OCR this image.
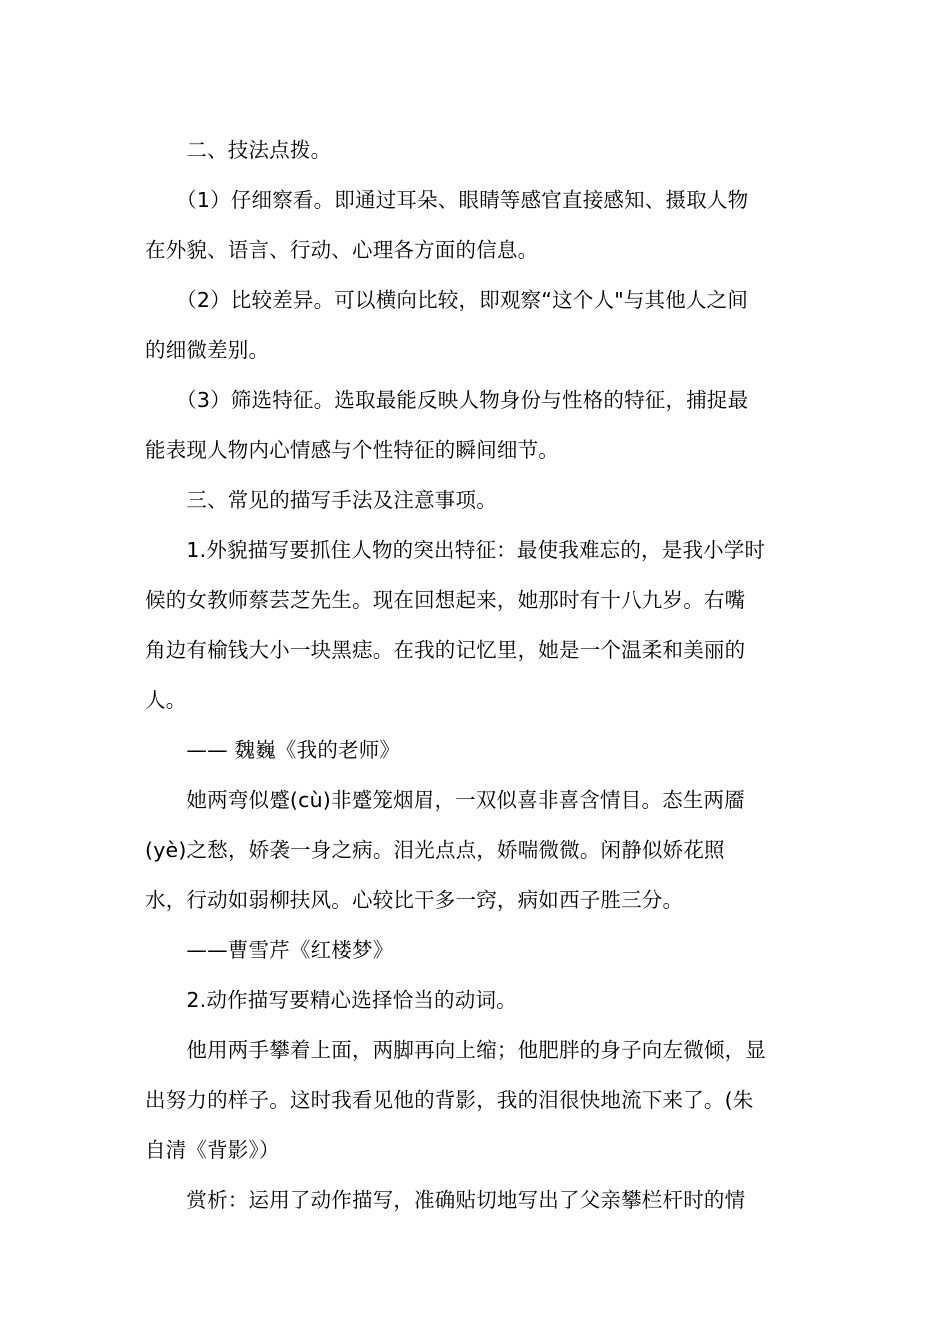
　　二、技法点拨。
　　（1）仔细察看。即通过耳朵、眼睛等感官直接感知、摄取人物
在外貌、语言、行动、心理各方面的信息。
　　（2）比较差异。可以横向比较，即观察“这个人"与其他人之间
的细微差别。
　　（3）筛选特征。选取最能反映人物身份与性格的特征，捕捉最
能表现人物内心情感与个性特征的瞬间细节。
　　三、常见的描写手法及注意事项。
　　1.外貌描写要抓住人物的突出特征：最使我难忘的，是我小学时
候的女教师蔡芸芝先生。现在回想起来，她那时有十八九岁。右嘴
角边有榆钱大小一块黑痣。在我的记忆里，她是一个温柔和美丽的
人。
　　—— 魏巍《我的老师》
　　她两弯似蹙(cù)非蹙笼烟眉，一双似喜非喜含情目。态生两靥
(yè)之愁，娇袭一身之病。泪光点点，娇喘微微。闲静似娇花照
水，行动如弱柳扶风。心较比干多一窍，病如西子胜三分。
　　——曹雪芹《红楼梦》
　　2.动作描写要精心选择恰当的动词。
　　他用两手攀着上面，两脚再向上缩；他肥胖的身子向左微倾，显
出努力的样子。这时我看见他的背影，我的泪很快地流下来了。(朱
自清《背影》）
　　赏析：运用了动作描写，准确贴切地写出了父亲攀栏杆时的情
